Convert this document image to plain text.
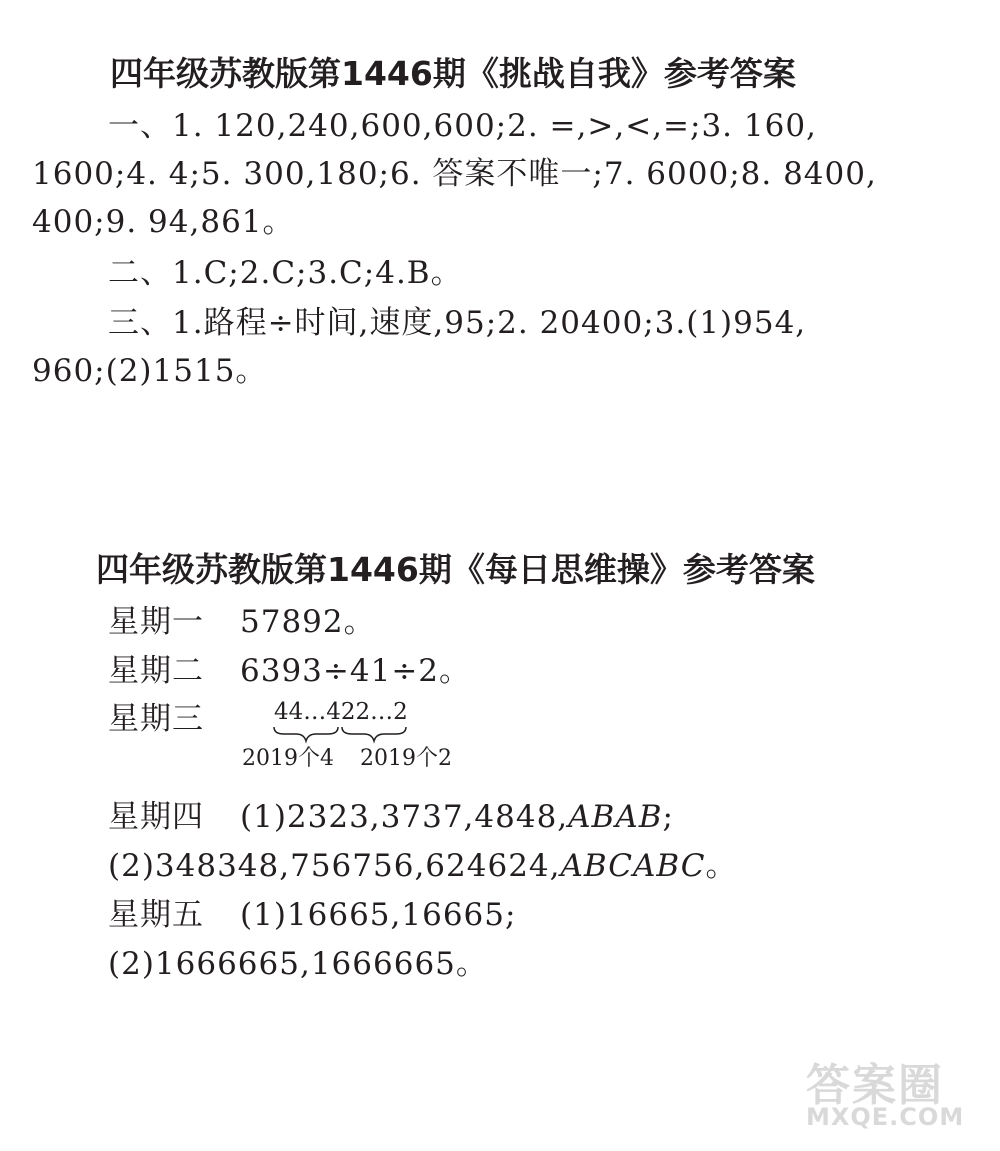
四年级苏教版第1446期《挑战自我》参考答案

一、1. 120,240,600,600;2. =,>,<,=;3. 160,

1600;4. 4;5. 300,180;6. 答案不唯一;7. 6000;8. 8400,

400;9. 94,861。

二、1.C;2.C;3.C;4.B。

三、1.路程÷时间,速度,95;2. 20400;3.(1)954,

960;(2)1515。

四年级苏教版第1446期《每日思维操》参考答案

星期一 57892。

星期二 6393÷41÷2。

星期三	44…422…2
2019个4 2019个2

星期四 (1)2323,3737,4848,ABAB;

(2)348348,756756,624624,ABCABC。

星期五 (1)16665,16665;

(2)1666665,1666665。

答案圈
MXQE.COM
